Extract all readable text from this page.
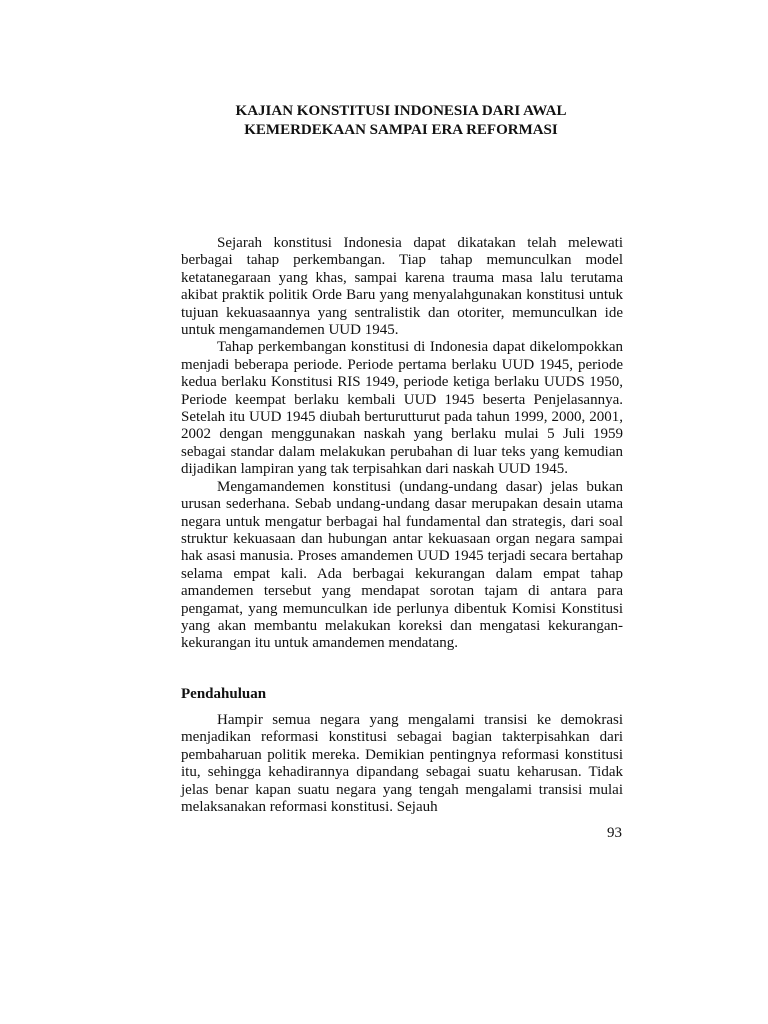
KAJIAN KONSTITUSI INDONESIA DARI AWAL
KEMERDEKAAN SAMPAI ERA REFORMASI

Sejarah konstitusi Indonesia dapat dikatakan telah melewati berbagai tahap perkembangan. Tiap tahap memunculkan model ketatanegaraan yang khas, sampai karena trauma masa lalu terutama akibat praktik politik Orde Baru yang menyalahgunakan konstitusi untuk tujuan kekuasaannya yang sentralistik dan otoriter, memunculkan ide untuk mengamandemen UUD 1945.

Tahap perkembangan konstitusi di Indonesia dapat dikelompokkan menjadi beberapa periode. Periode pertama berlaku UUD 1945, periode kedua berlaku Konstitusi RIS 1949, periode ketiga berlaku UUDS 1950, Periode keempat berlaku kembali UUD 1945 beserta Penjelasannya. Setelah itu UUD 1945 diubah berturutturut pada tahun 1999, 2000, 2001, 2002 dengan menggunakan naskah yang berlaku mulai 5 Juli 1959 sebagai standar dalam melakukan perubahan di luar teks yang kemudian dijadikan lampiran yang tak terpisahkan dari naskah UUD 1945.

Mengamandemen konstitusi (undang-undang dasar) jelas bukan urusan sederhana. Sebab undang-undang dasar merupakan desain utama negara untuk mengatur berbagai hal fundamental dan strategis, dari soal struktur kekuasaan dan hubungan antar kekuasaan organ negara sampai hak asasi manusia. Proses amandemen UUD 1945 terjadi secara bertahap selama empat kali. Ada berbagai kekurangan dalam empat tahap amandemen tersebut yang mendapat sorotan tajam di antara para pengamat, yang memunculkan ide perlunya dibentuk Komisi Konstitusi yang akan membantu melakukan koreksi dan mengatasi kekurangan-kekurangan itu untuk amandemen mendatang.

Pendahuluan

Hampir semua negara yang mengalami transisi ke demokrasi menjadikan reformasi konstitusi sebagai bagian takterpisahkan dari pembaharuan politik mereka. Demikian pentingnya reformasi konstitusi itu, sehingga kehadirannya dipandang sebagai suatu keharusan. Tidak jelas benar kapan suatu negara yang tengah mengalami transisi mulai melaksanakan reformasi konstitusi. Sejauh

93
